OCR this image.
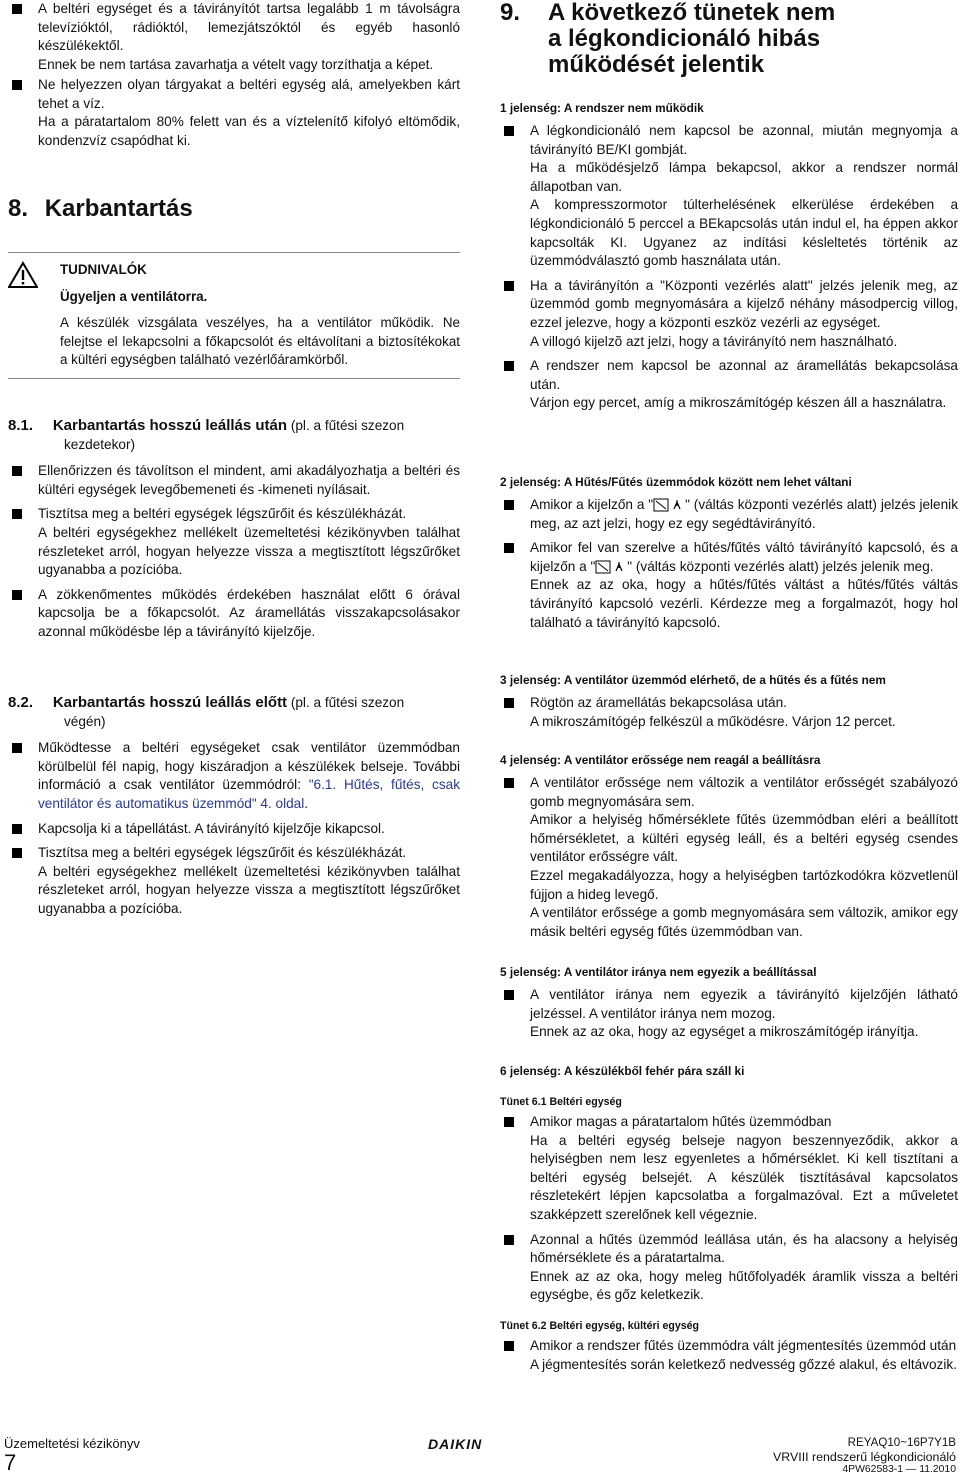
A beltéri egységet és a távirányítót tartsa legalább 1 m távolságra televízióktól, rádióktól, lemezjátszóktól és egyéb hasonló készülékektől.

Ennek be nem tartása zavarhatja a vételt vagy torzíthatja a képet.

Ne helyezzen olyan tárgyakat a beltéri egység alá, amelyekben kárt tehet a víz.

Ha a páratartalom 80% felett van és a víztelenítő kifolyó eltömődik, kondenzvíz csapódhat ki.

8. Karbantartás
TUDNIVALÓK
Ügyeljen a ventilátorra.

A készülék vizsgálata veszélyes, ha a ventilátor működik. Ne felejtse el lekapcsolni a főkapcsolót és eltávolítani a biztosítékokat a kültéri egységben található vezérlőáramkörből.

8.1. Karbantartás hosszú leállás után (pl. a fűtési szezon
kezdetekor)

Ellenőrizzen és távolítson el mindent, ami akadályozhatja a beltéri és kültéri egységek levegőbemeneti és -kimeneti nyílásait.

Tisztítsa meg a beltéri egységek légszűrőit és készülékházát.

A beltéri egységekhez mellékelt üzemeltetési kézikönyvben találhat részleteket arról, hogyan helyezze vissza a megtisztított légszűrőket ugyanabba a pozícióba.

A zökkenőmentes működés érdekében használat előtt 6 órával kapcsolja be a főkapcsolót. Az áramellátás visszakapcsolásakor azonnal működésbe lép a távirányító kijelzője.

8.2. Karbantartás hosszú leállás előtt (pl. a fűtési szezon
végén)

Működtesse a beltéri egységeket csak ventilátor üzemmódban körülbelül fél napig, hogy kiszáradjon a készülékek belseje. További információ a csak ventilátor üzemmódról: "6.1. Hűtés, fűtés, csak ventilátor és automatikus üzemmód" 4. oldal.

Kapcsolja ki a tápellátást. A távirányító kijelzője kikapcsol.

Tisztítsa meg a beltéri egységek légszűrőit és készülékházát.

A beltéri egységekhez mellékelt üzemeltetési kézikönyvben találhat részleteket arról, hogyan helyezze vissza a megtisztított légszűrőket ugyanabba a pozícióba.

9. A következő tünetek nem
a légkondicionáló hibás
működését jelentik
1 jelenség: A rendszer nem működik

A légkondicionáló nem kapcsol be azonnal, miután megnyomja a távirányító BE/KI gombját.

Ha a működésjelző lámpa bekapcsol, akkor a rendszer normál állapotban van.

A kompresszormotor túlterhelésének elkerülése érdekében a légkondicionáló 5 perccel a BEkapcsolás után indul el, ha éppen akkor kapcsolták KI. Ugyanez az indítási késleltetés történik az üzemmódválasztó gomb használata után.

Ha a távirányítón a "Központi vezérlés alatt" jelzés jelenik meg, az üzemmód gomb megnyomására a kijelző néhány másodpercig villog, ezzel jelezve, hogy a központi eszköz vezérli az egységet.

A villogó kijelzõ azt jelzi, hogy a távirányító nem használható.

A rendszer nem kapcsol be azonnal az áramellátás bekapcsolása után.

Várjon egy percet, amíg a mikroszámítógép készen áll a használatra.

2 jelenség: A Hűtés/Fűtés üzemmódok között nem lehet váltani

Amikor a kijelzőn a " " (váltás központi vezérlés alatt) jelzés jelenik meg, az azt jelzi, hogy ez egy segédtávirányító.

Amikor fel van szerelve a hűtés/fűtés váltó távirányító kapcsoló, és a kijelzőn a " " (váltás központi vezérlés alatt) jelzés jelenik meg.

Ennek az az oka, hogy a hűtés/fűtés váltást a hűtés/fűtés váltás távirányító kapcsoló vezérli. Kérdezze meg a forgalmazót, hogy hol található a távirányító kapcsoló.

3 jelenség: A ventilátor üzemmód elérhető, de a hűtés és a fűtés nem

Rögtön az áramellátás bekapcsolása után.

A mikroszámítógép felkészül a működésre. Várjon 12 percet.

4 jelenség: A ventilátor erőssége nem reagál a beállításra

A ventilátor erőssége nem változik a ventilátor erősségét szabályozó gomb megnyomására sem.

Amikor a helyiség hőmérséklete fűtés üzemmódban eléri a beállított hőmérsékletet, a kültéri egység leáll, és a beltéri egység csendes ventilátor erősségre vált.

Ezzel megakadályozza, hogy a helyiségben tartózkodókra közvetlenül fújjon a hideg levegő.

A ventilátor erőssége a gomb megnyomására sem változik, amikor egy másik beltéri egység fűtés üzemmódban van.

5 jelenség: A ventilátor iránya nem egyezik a beállítással

A ventilátor iránya nem egyezik a távirányító kijelzőjén látható jelzéssel. A ventilátor iránya nem mozog.

Ennek az az oka, hogy az egységet a mikroszámítógép irányítja.

6 jelenség: A készülékből fehér pára száll ki
Tünet 6.1 Beltéri egység

Amikor magas a páratartalom hűtés üzemmódban

Ha a beltéri egység belseje nagyon beszennyeződik, akkor a helyiségben nem lesz egyenletes a hőmérséklet. Ki kell tisztítani a beltéri egység belsejét. A készülék tisztításával kapcsolatos részletekért lépjen kapcsolatba a forgalmazóval. Ezt a műveletet szakképzett szerelőnek kell végeznie.

Azonnal a hűtés üzemmód leállása után, és ha alacsony a helyiség hőmérséklete és a páratartalma.

Ennek az az oka, hogy meleg hűtőfolyadék áramlik vissza a beltéri egységbe, és gőz keletkezik.

Tünet 6.2 Beltéri egység, kültéri egység

Amikor a rendszer fűtés üzemmódra vált jégmentesítés üzemmód után

A jégmentesítés során keletkező nedvesség gőzzé alakul, és eltávozik.

Üzemeltetési kézikönyv
7
DAIKIN	REYAQ10~16P7Y1B
VRVIII rendszerű légkondicionáló
4PW62583-1 — 11.2010
